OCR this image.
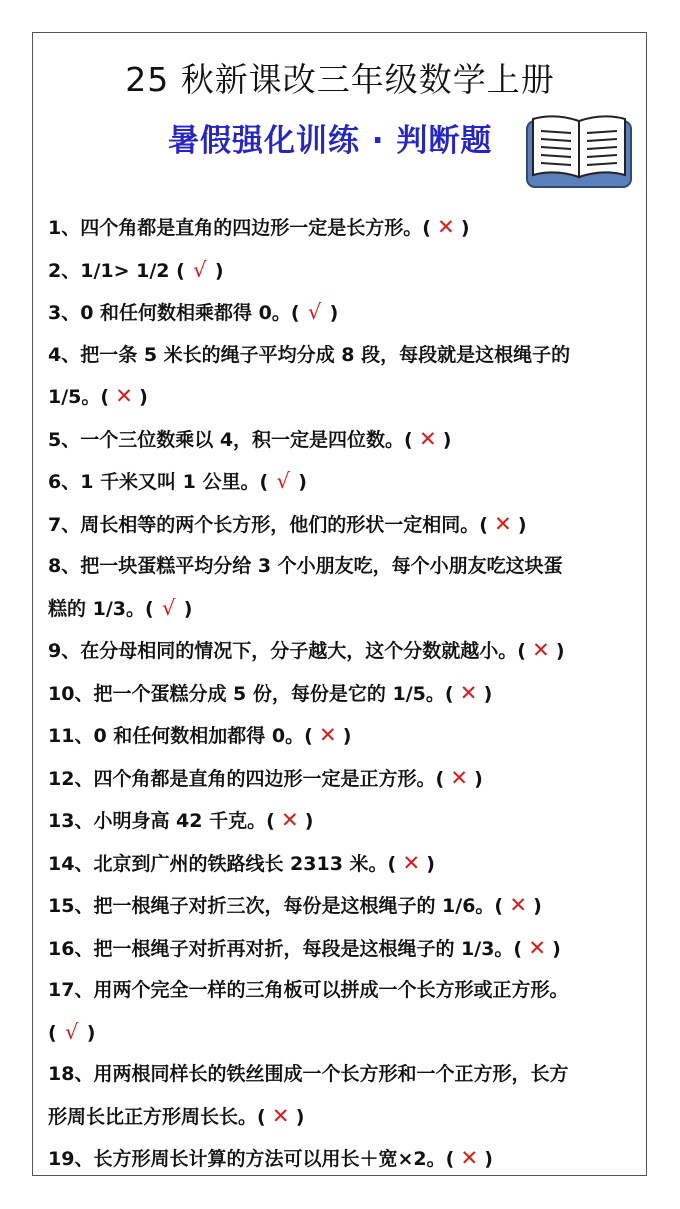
25 秋新课改三年级数学上册
暑假强化训练 · 判断题
1、四个角都是直角的四边形一定是长方形。( ✕ )
2、1/1> 1/2 ( √ )
3、0 和任何数相乘都得 0。( √ )
4、把一条 5 米长的绳子平均分成 8 段，每段就是这根绳子的
1/5。( ✕ )
5、一个三位数乘以 4，积一定是四位数。( ✕ )
6、1 千米又叫 1 公里。( √ )
7、周长相等的两个长方形，他们的形状一定相同。( ✕ )
8、把一块蛋糕平均分给 3 个小朋友吃，每个小朋友吃这块蛋
糕的 1/3。( √ )
9、在分母相同的情况下，分子越大，这个分数就越小。( ✕ )
10、把一个蛋糕分成 5 份，每份是它的 1/5。( ✕ )
11、0 和任何数相加都得 0。( ✕ )
12、四个角都是直角的四边形一定是正方形。( ✕ )
13、小明身高 42 千克。( ✕ )
14、北京到广州的铁路线长 2313 米。( ✕ )
15、把一根绳子对折三次，每份是这根绳子的 1/6。( ✕ )
16、把一根绳子对折再对折，每段是这根绳子的 1/3。( ✕ )
17、用两个完全一样的三角板可以拼成一个长方形或正方形。
( √ )
18、用两根同样长的铁丝围成一个长方形和一个正方形，长方
形周长比正方形周长长。( ✕ )
19、长方形周长计算的方法可以用长＋宽×2。( ✕ )
